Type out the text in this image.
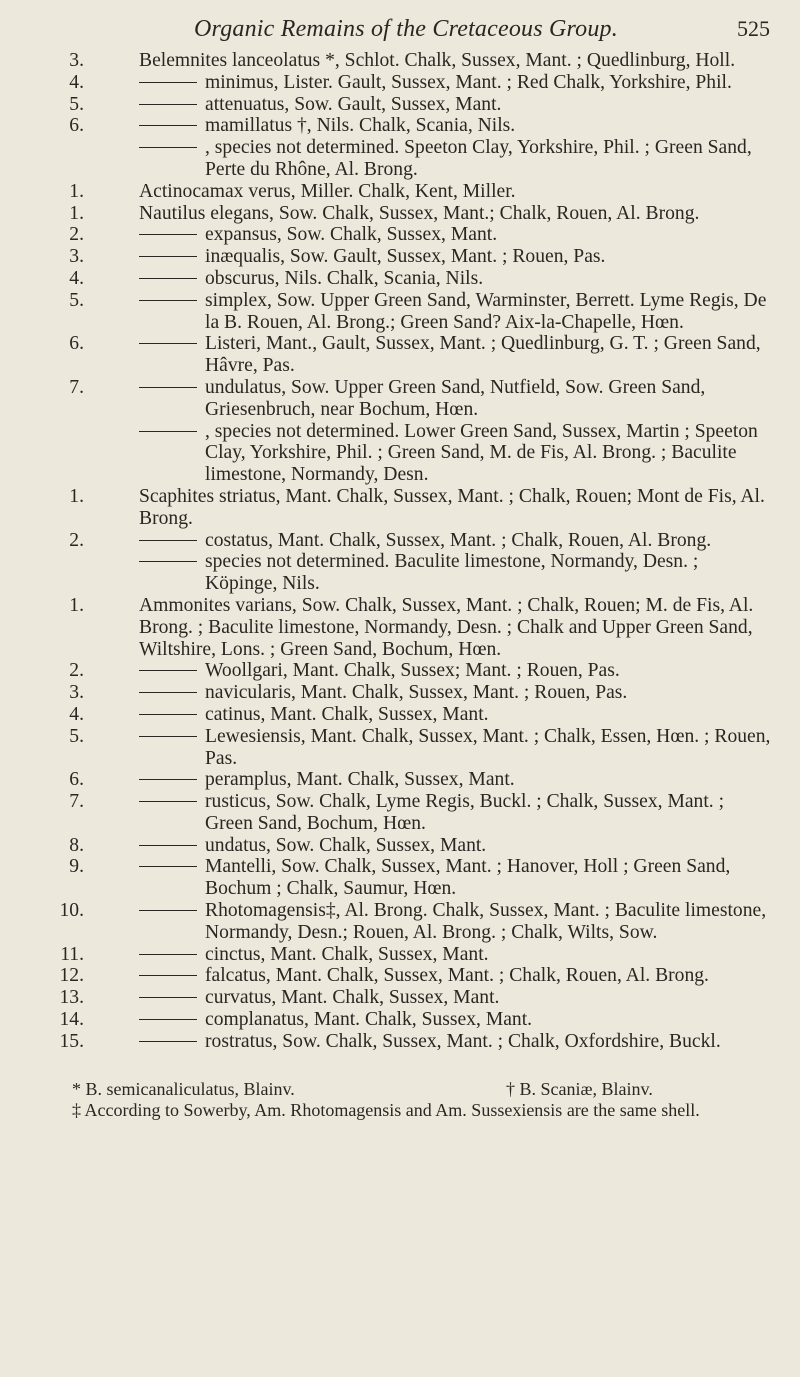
Organic Remains of the Cretaceous Group.	525
3.	Belemnites lanceolatus *, Schlot. Chalk, Sussex, Mant. ; Quedlinburg, Holl.
4.	minimus, Lister. Gault, Sussex, Mant. ; Red Chalk, Yorkshire, Phil.
5.	attenuatus, Sow. Gault, Sussex, Mant.
6.	mamillatus †, Nils. Chalk, Scania, Nils.
, species not determined. Speeton Clay, Yorkshire, Phil. ; Green Sand, Perte du Rhône, Al. Brong.
1.	Actinocamax verus, Miller. Chalk, Kent, Miller.
1.	Nautilus elegans, Sow. Chalk, Sussex, Mant.; Chalk, Rouen, Al. Brong.
2.	expansus, Sow. Chalk, Sussex, Mant.
3.	inæqualis, Sow. Gault, Sussex, Mant. ; Rouen, Pas.
4.	obscurus, Nils. Chalk, Scania, Nils.
5.	simplex, Sow. Upper Green Sand, Warminster, Berrett. Lyme Regis, De la B. Rouen, Al. Brong.; Green Sand? Aix-la-Chapelle, Hœn.
6.	Listeri, Mant., Gault, Sussex, Mant. ; Quedlinburg, G. T. ; Green Sand, Hâvre, Pas.
7.	undulatus, Sow. Upper Green Sand, Nutfield, Sow. Green Sand, Griesenbruch, near Bochum, Hœn.
, species not determined. Lower Green Sand, Sussex, Martin ; Speeton Clay, Yorkshire, Phil. ; Green Sand, M. de Fis, Al. Brong. ; Baculite limestone, Normandy, Desn.
1.	Scaphites striatus, Mant. Chalk, Sussex, Mant. ; Chalk, Rouen; Mont de Fis, Al. Brong.
2.	costatus, Mant. Chalk, Sussex, Mant. ; Chalk, Rouen, Al. Brong.
species not determined. Baculite limestone, Normandy, Desn. ; Köpinge, Nils.
1.	Ammonites varians, Sow. Chalk, Sussex, Mant. ; Chalk, Rouen; M. de Fis, Al. Brong. ; Baculite limestone, Normandy, Desn. ; Chalk and Upper Green Sand, Wiltshire, Lons. ; Green Sand, Bochum, Hœn.
2.	Woollgari, Mant. Chalk, Sussex; Mant. ; Rouen, Pas.
3.	navicularis, Mant. Chalk, Sussex, Mant. ; Rouen, Pas.
4.	catinus, Mant. Chalk, Sussex, Mant.
5.	Lewesiensis, Mant. Chalk, Sussex, Mant. ; Chalk, Essen, Hœn. ; Rouen, Pas.
6.	peramplus, Mant. Chalk, Sussex, Mant.
7.	rusticus, Sow. Chalk, Lyme Regis, Buckl. ; Chalk, Sussex, Mant. ; Green Sand, Bochum, Hœn.
8.	undatus, Sow. Chalk, Sussex, Mant.
9.	Mantelli, Sow. Chalk, Sussex, Mant. ; Hanover, Holl ; Green Sand, Bochum ; Chalk, Saumur, Hœn.
10.	Rhotomagensis‡, Al. Brong. Chalk, Sussex, Mant. ; Baculite limestone, Normandy, Desn.; Rouen, Al. Brong. ; Chalk, Wilts, Sow.
11.	cinctus, Mant. Chalk, Sussex, Mant.
12.	falcatus, Mant. Chalk, Sussex, Mant. ; Chalk, Rouen, Al. Brong.
13.	curvatus, Mant. Chalk, Sussex, Mant.
14.	complanatus, Mant. Chalk, Sussex, Mant.
15.	rostratus, Sow. Chalk, Sussex, Mant. ; Chalk, Oxfordshire, Buckl.
* B. semicanaliculatus, Blainv.	† B. Scaniæ, Blainv.
‡ According to Sowerby, Am. Rhotomagensis and Am. Sussexiensis are the same shell.
